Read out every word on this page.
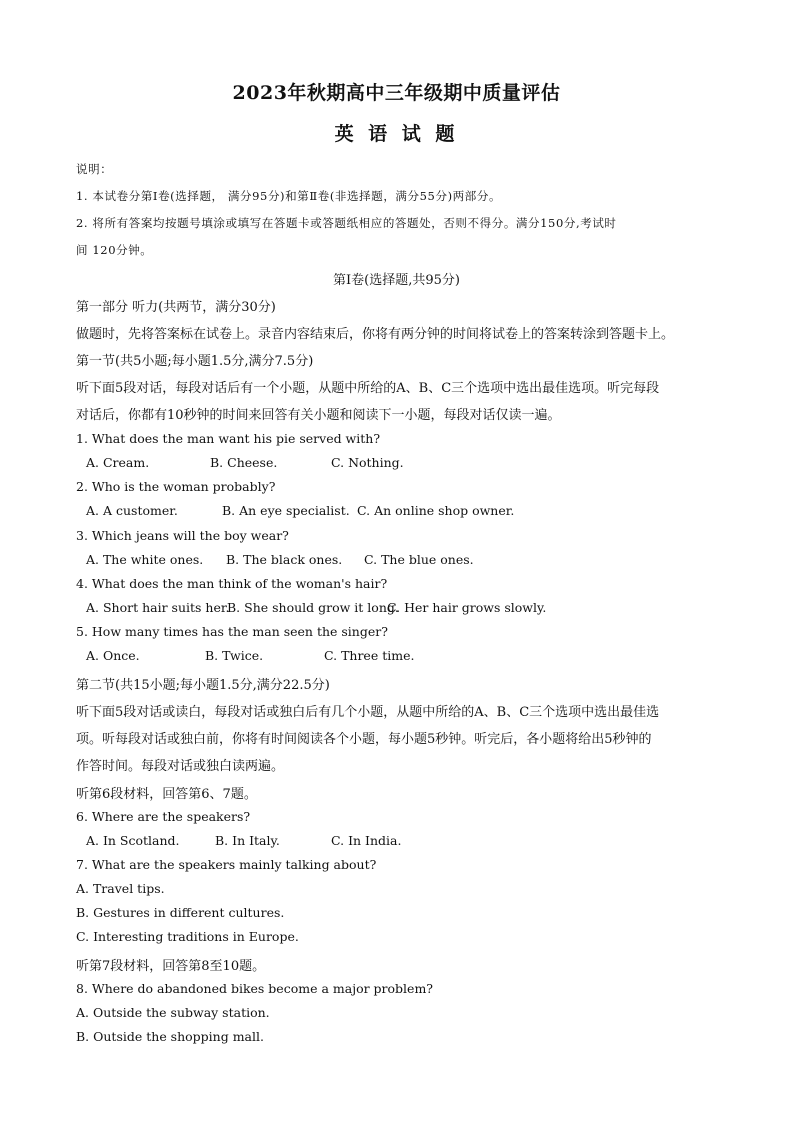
2023年秋期高中三年级期中质量评估
英 语 试 题
说明：
1. 本试卷分第Ⅰ卷(选择题， 满分95分)和第Ⅱ卷(非选择题，满分55分)两部分。
2. 将所有答案均按题号填涂或填写在答题卡或答题纸相应的答题处，否则不得分。满分150分,考试时
间 120分钟。
第Ⅰ卷(选择题,共95分)
第一部分 听力(共两节，满分30分)
做题时，先将答案标在试卷上。录音内容结束后，你将有两分钟的时间将试卷上的答案转涂到答题卡上。
第一节(共5小题;每小题1.5分,满分7.5分)
听下面5段对话，每段对话后有一个小题，从题中所给的A、B、C三个选项中选出最佳选项。听完每段
对话后，你都有10秒钟的时间来回答有关小题和阅读下一小题，每段对话仅读一遍。
1. What does the man want his pie served with?
A. Cream.	B. Cheese.	C. Nothing.
2. Who is the woman probably?
A. A customer.	B. An eye specialist. C. An online shop owner.
3. Which jeans will the boy wear?
A. The white ones. B. The black ones. C. The blue ones.
4. What does the man think of the woman's hair?
A. Short hair suits her.
B. She should grow it long.
C. Her hair grows slowly.
5. How many times has the man seen the singer?
A. Once.	B. Twice.	C. Three time.
第二节(共15小题;每小题1.5分,满分22.5分)
听下面5段对话或读白，每段对话或独白后有几个小题，从题中所给的A、B、C三个选项中选出最佳选
项。听每段对话或独白前，你将有时间阅读各个小题，每小题5秒钟。听完后，各小题将给出5秒钟的
作答时间。每段对话或独白读两遍。
听第6段材料，回答第6、7题。
6. Where are the speakers?
A. In Scotland.	B. In Italy.	C. In India.
7. What are the speakers mainly talking about?
A. Travel tips.
B. Gestures in different cultures.
C. Interesting traditions in Europe.
听第7段材料，回答第8至10题。
8. Where do abandoned bikes become a major problem?
A. Outside the subway station.
B. Outside the shopping mall.
